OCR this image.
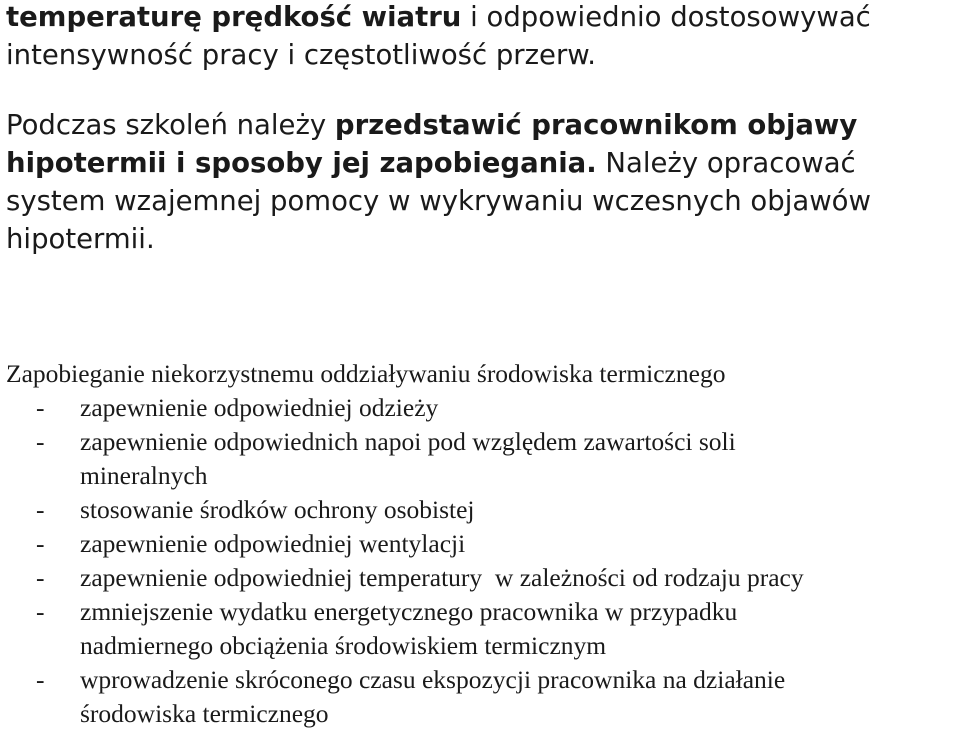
temperaturę prędkość wiatru i odpowiednio dostosowywać
intensywność pracy i częstotliwość przerw.
Podczas szkoleń należy przedstawić pracownikom objawy
hipotermii i sposoby jej zapobiegania. Należy opracować
system wzajemnej pomocy w wykrywaniu wczesnych objawów
hipotermii.

Zapobieganie niekorzystnemu oddziaływaniu środowiska termicznego

- zapewnienie odpowiedniej odzieży
- zapewnienie odpowiednich napoi pod względem zawartości soli
mineralnych
- stosowanie środków ochrony osobistej
- zapewnienie odpowiedniej wentylacji
- zapewnienie odpowiedniej temperatury  w zależności od rodzaju pracy
- zmniejszenie wydatku energetycznego pracownika w przypadku
nadmiernego obciążenia środowiskiem termicznym
- wprowadzenie skróconego czasu ekspozycji pracownika na działanie
środowiska termicznego
